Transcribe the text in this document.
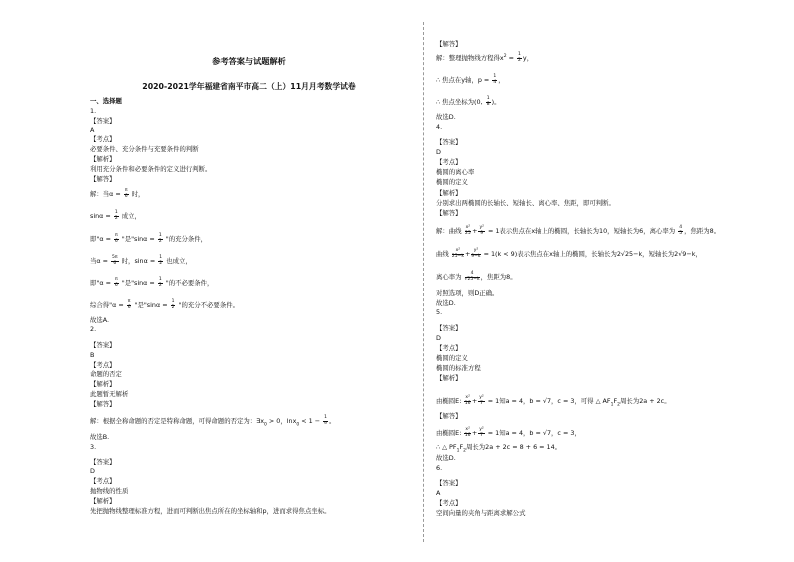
参考答案与试题解析
2020-2021学年福建省南平市高二（上）11月月考数学试卷
一、选择题
1.
【答案】
A
【考点】
必要条件、充分条件与充要条件的判断
【解析】
利用充分条件和必要条件的定义进行判断。
【解答】
解：当$\alpha = \frac{\pi}{6}$ 时，
$\sin\alpha = \frac{1}{2}$ 成立，
即"$\alpha = \frac{\pi}{6}$ "是"$\sin\alpha = \frac{1}{2}$ "的充分条件，
当$\alpha = \frac{5\pi}{6}$ 时，$\sin\alpha = \frac{1}{2}$ 也成立，
即"$\alpha = \frac{\pi}{6}$ "是"$\sin\alpha = \frac{1}{2}$ "的不必要条件，
综合得"$\alpha = \frac{\pi}{6}$ "是"$\sin\alpha = \frac{1}{2}$ "的充分不必要条件。
故选A.
2.
【答案】
B
【考点】
命题的否定
【解析】
此题暂无解析
【解答】
解：根据全称命题的否定是特称命题，可得命题的否定为：$\exists x_0 > 0$，$\ln x_0 < 1 - \frac{1}{e}$ 。
故选B.
3.
【答案】
D
【考点】
抛物线的性质
【解析】
先把抛物线整理标准方程，进而可判断出焦点所在的坐标轴和p，进而求得焦点坐标。
【解答】
解：整理抛物线方程得$x^2 = \frac{1}{2}$ y，
∴ 焦点在y轴，$p = \frac{1}{4}$ ，
∴ 焦点坐标为(0, $\frac{1}{8}$ )。
故选D.
4.
【答案】
D
【考点】
椭圆的离心率
椭圆的定义
【解析】
分别求出两椭圆的长轴长、短轴长、离心率、焦距，即可判断。
【解答】
解：曲线 $\frac{\text{x²}}{25} + \frac{\text{y²}}{9} = 1$表示焦点在x轴上的椭圆，长轴长为10，短轴长为6，离心率为 $\frac{4}{5}$ ，焦距为8。
曲线 $\frac{\text{x²}}{25-k} + \frac{\text{y²}}{9-k} = 1(k < 9)$表示焦点在x轴上的椭圆，长轴长为2√25−k，短轴长为2√9−k，
离心率为 $\frac{4}{√25-k}$ ，焦距为8。
对照选项，则D正确。
故选D.
5.
【答案】
D
【考点】
椭圆的定义
椭圆的标准方程
【解析】
由椭圆E: $\frac{\text{x²}}{16} + \frac{\text{y²}}{7} = 1$知a = 4，b = √7，c = 3，可得 △ $AF_1F_2$周长为2a + 2c。
【解答】
由椭圆E: $\frac{\text{x²}}{16} + \frac{\text{y²}}{7} = 1$知a = 4，b = √7，c = 3，
∴ △ $PF_1F_2$周长为2a + 2c = 8 + 6 = 14。
故选D.
6.
【答案】
A
【考点】
空间向量的夹角与距离求解公式
